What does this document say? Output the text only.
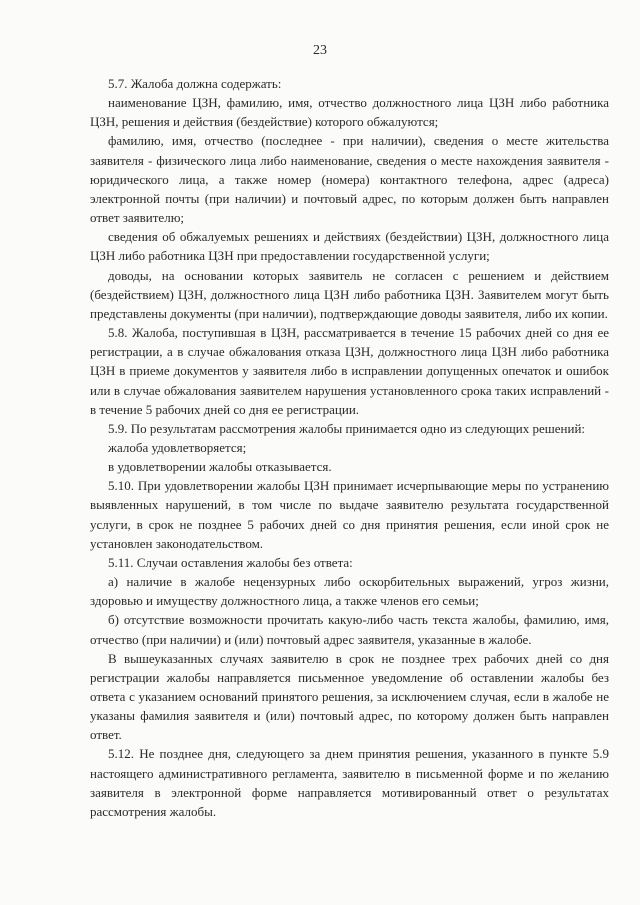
23

5.7. Жалоба должна содержать:

наименование ЦЗН, фамилию, имя, отчество должностного лица ЦЗН либо работника ЦЗН, решения и действия (бездействие) которого обжалуются;

фамилию, имя, отчество (последнее - при наличии), сведения о месте жительства заявителя - физического лица либо наименование, сведения о месте нахождения заявителя - юридического лица, а также номер (номера) контактного телефона, адрес (адреса) электронной почты (при наличии) и почтовый адрес, по которым должен быть направлен ответ заявителю;

сведения об обжалуемых решениях и действиях (бездействии) ЦЗН, должностного лица ЦЗН либо работника ЦЗН при предоставлении государственной услуги;

доводы, на основании которых заявитель не согласен с решением и действием (бездействием) ЦЗН, должностного лица ЦЗН либо работника ЦЗН. Заявителем могут быть представлены документы (при наличии), подтверждающие доводы заявителя, либо их копии.

5.8. Жалоба, поступившая в ЦЗН, рассматривается в течение 15 рабочих дней со дня ее регистрации, а в случае обжалования отказа ЦЗН, должностного лица ЦЗН либо работника ЦЗН в приеме документов у заявителя либо в исправлении допущенных опечаток и ошибок или в случае обжалования заявителем нарушения установленного срока таких исправлений - в течение 5 рабочих дней со дня ее регистрации.

5.9. По результатам рассмотрения жалобы принимается одно из следующих решений:

жалоба удовлетворяется;

в удовлетворении жалобы отказывается.

5.10. При удовлетворении жалобы ЦЗН принимает исчерпывающие меры по устранению выявленных нарушений, в том числе по выдаче заявителю результата государственной услуги, в срок не позднее 5 рабочих дней со дня принятия решения, если иной срок не установлен законодательством.

5.11. Случаи оставления жалобы без ответа:

а) наличие в жалобе нецензурных либо оскорбительных выражений, угроз жизни, здоровью и имуществу должностного лица, а также членов его семьи;

б) отсутствие возможности прочитать какую-либо часть текста жалобы, фамилию, имя, отчество (при наличии) и (или) почтовый адрес заявителя, указанные в жалобе.

В вышеуказанных случаях заявителю в срок не позднее трех рабочих дней со дня регистрации жалобы направляется письменное уведомление об оставлении жалобы без ответа с указанием оснований принятого решения, за исключением случая, если в жалобе не указаны фамилия заявителя и (или) почтовый адрес, по которому должен быть направлен ответ.

5.12. Не позднее дня, следующего за днем принятия решения, указанного в пункте 5.9 настоящего административного регламента, заявителю в письменной форме и по желанию заявителя в электронной форме направляется мотивированный ответ о результатах рассмотрения жалобы.
